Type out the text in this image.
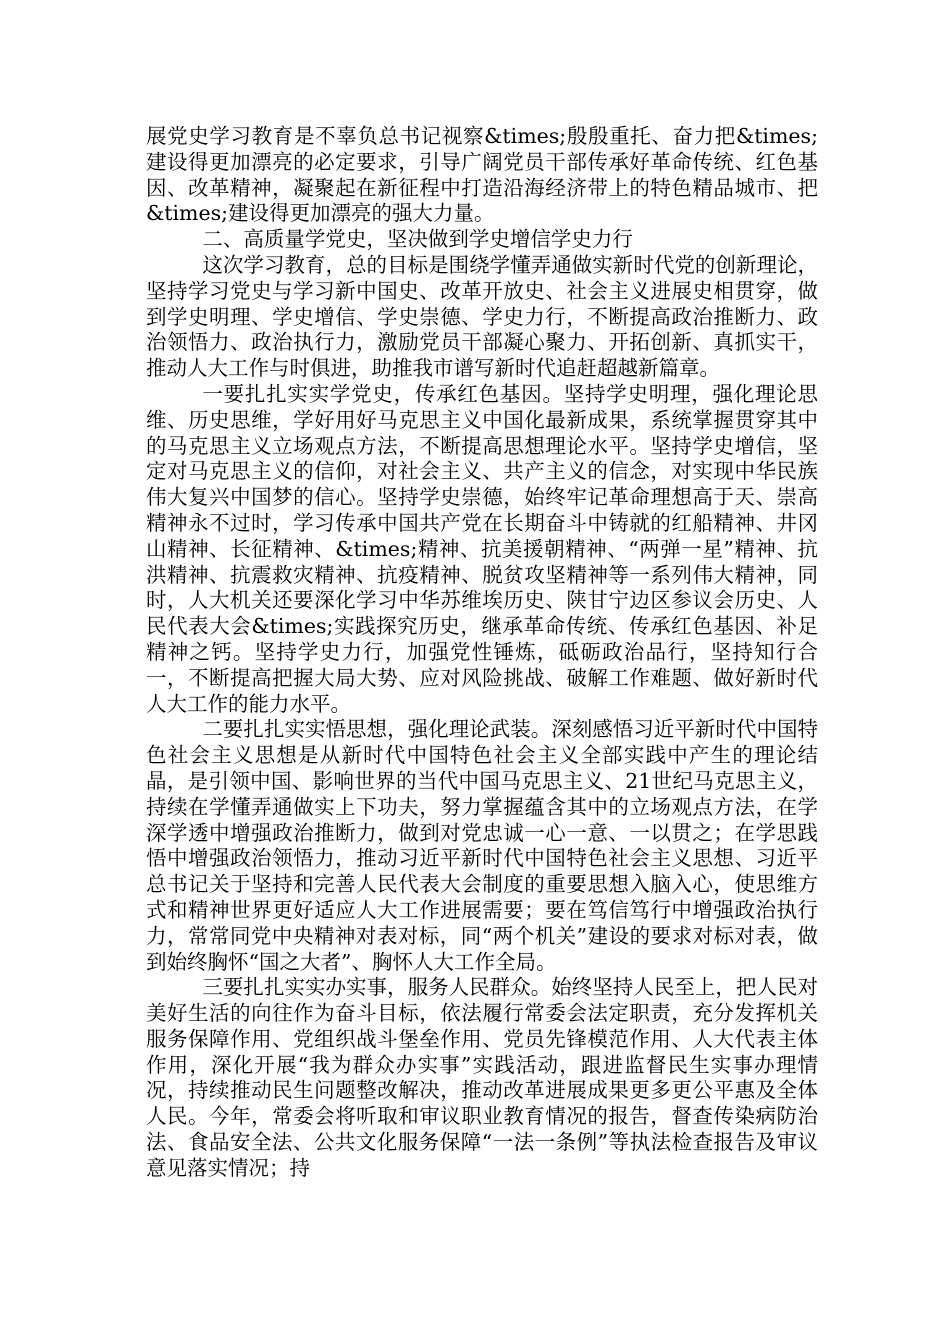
展党史学习教育是不辜负总书记视察&times;殷殷重托、奋力把&times;建设得更加漂亮的必定要求，引导广阔党员干部传承好革命传统、红色基因、改革精神，凝聚起在新征程中打造沿海经济带上的特色精品城市、把&times;建设得更加漂亮的强大力量。

二、高质量学党史，坚决做到学史增信学史力行

这次学习教育，总的目标是围绕学懂弄通做实新时代党的创新理论，坚持学习党史与学习新中国史、改革开放史、社会主义进展史相贯穿，做到学史明理、学史增信、学史崇德、学史力行，不断提高政治推断力、政治领悟力、政治执行力，激励党员干部凝心聚力、开拓创新、真抓实干，推动人大工作与时俱进，助推我市谱写新时代追赶超越新篇章。

一要扎扎实实学党史，传承红色基因。坚持学史明理，强化理论思维、历史思维，学好用好马克思主义中国化最新成果，系统掌握贯穿其中的马克思主义立场观点方法，不断提高思想理论水平。坚持学史增信，坚定对马克思主义的信仰，对社会主义、共产主义的信念，对实现中华民族伟大复兴中国梦的信心。坚持学史崇德，始终牢记革命理想高于天、崇高精神永不过时，学习传承中国共产党在长期奋斗中铸就的红船精神、井冈山精神、长征精神、&times;精神、抗美援朝精神、“两弹一星”精神、抗洪精神、抗震救灾精神、抗疫精神、脱贫攻坚精神等一系列伟大精神，同时，人大机关还要深化学习中华苏维埃历史、陕甘宁边区参议会历史、人民代表大会&times;实践探究历史，继承革命传统、传承红色基因、补足精神之钙。坚持学史力行，加强党性锤炼，砥砺政治品行，坚持知行合一，不断提高把握大局大势、应对风险挑战、破解工作难题、做好新时代人大工作的能力水平。

二要扎扎实实悟思想，强化理论武装。深刻感悟习近平新时代中国特色社会主义思想是从新时代中国特色社会主义全部实践中产生的理论结晶，是引领中国、影响世界的当代中国马克思主义、21世纪马克思主义，持续在学懂弄通做实上下功夫，努力掌握蕴含其中的立场观点方法，在学深学透中增强政治推断力，做到对党忠诚一心一意、一以贯之；在学思践悟中增强政治领悟力，推动习近平新时代中国特色社会主义思想、习近平总书记关于坚持和完善人民代表大会制度的重要思想入脑入心，使思维方式和精神世界更好适应人大工作进展需要；要在笃信笃行中增强政治执行力，常常同党中央精神对表对标，同“两个机关”建设的要求对标对表，做到始终胸怀“国之大者”、胸怀人大工作全局。

三要扎扎实实办实事，服务人民群众。始终坚持人民至上，把人民对美好生活的向往作为奋斗目标，依法履行常委会法定职责，充分发挥机关服务保障作用、党组织战斗堡垒作用、党员先锋模范作用、人大代表主体作用，深化开展“我为群众办实事”实践活动，跟进监督民生实事办理情况，持续推动民生问题整改解决，推动改革进展成果更多更公平惠及全体人民。今年，常委会将听取和审议职业教育情况的报告，督查传染病防治法、食品安全法、公共文化服务保障“一法一条例”等执法检查报告及审议意见落实情况；持
